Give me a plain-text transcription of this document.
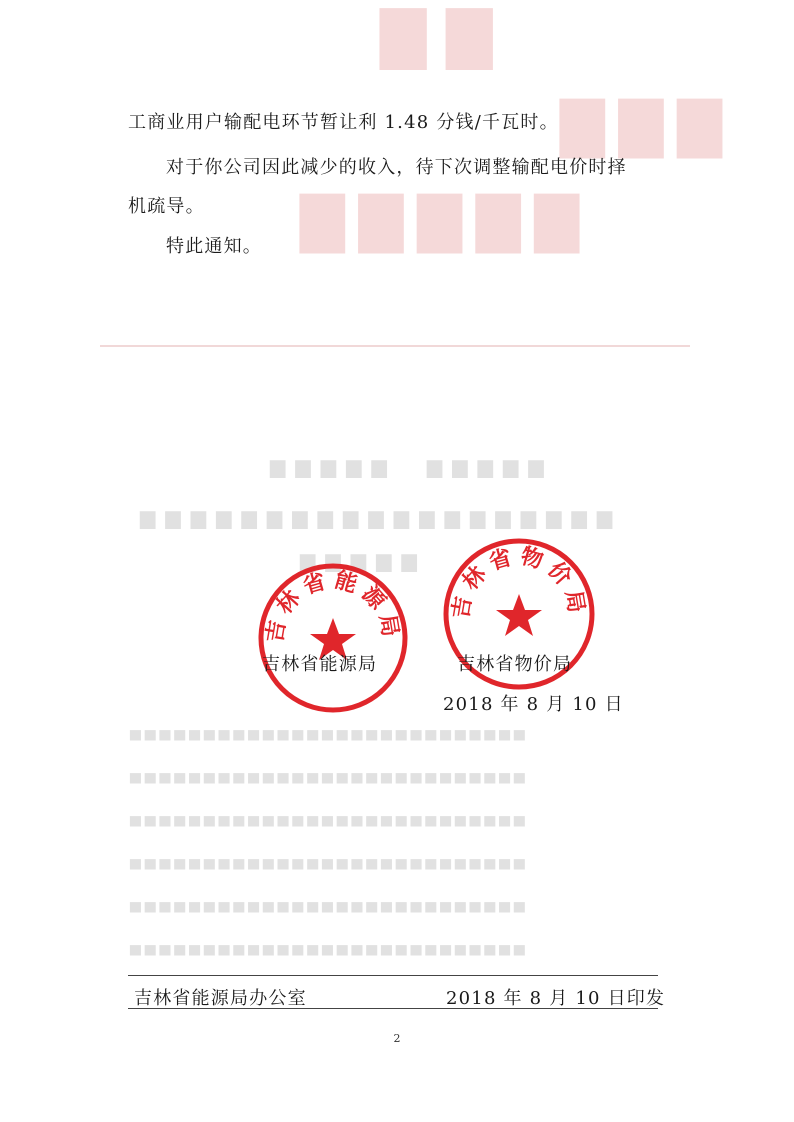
▇▇
▇▇▇
▇▇▇▇▇
▆▆▆▆▆　▆▆▆▆▆
▆▆▆▆▆▆▆▆▆▆▆▆▆▆▆▆▆▆▆
▆▆▆▆▆
▅▅▅▅▅▅▅▅▅▅▅▅▅▅▅▅▅▅▅▅▅▅▅▅▅▅▅
▅▅▅▅▅▅▅▅▅▅▅▅▅▅▅▅▅▅▅▅▅▅▅▅▅▅▅
▅▅▅▅▅▅▅▅▅▅▅▅▅▅▅▅▅▅▅▅▅▅▅▅▅▅▅
▅▅▅▅▅▅▅▅▅▅▅▅▅▅▅▅▅▅▅▅▅▅▅▅▅▅▅
▅▅▅▅▅▅▅▅▅▅▅▅▅▅▅▅▅▅▅▅▅▅▅▅▅▅▅
▅▅▅▅▅▅▅▅▅▅▅▅▅▅▅▅▅▅▅▅▅▅▅▅▅▅▅
工商业用户输配电环节暂让利 1.48 分钱/千瓦时。
对于你公司因此减少的收入，待下次调整输配电价时择
机疏导。
特此通知。
吉林省能源局
吉林省物价局
吉林省能源局	吉林省物价局
2018 年 8 月 10 日
吉林省能源局办公室	2018 年 8 月 10 日印发
2
